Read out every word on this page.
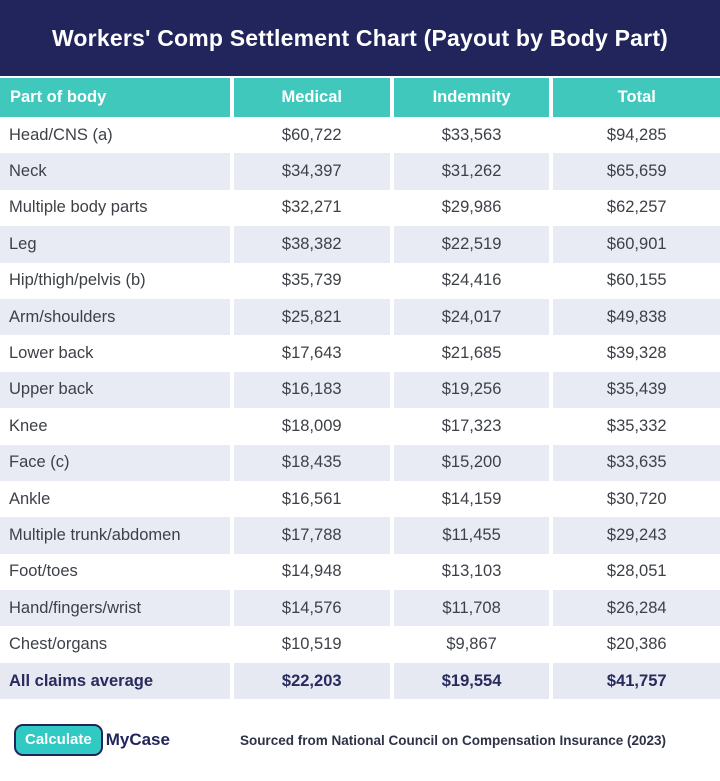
Workers' Comp Settlement Chart (Payout by Body Part)
Part of body	Medical	Indemnity	Total
Head/CNS (a)	$60,722	$33,563	$94,285
Neck	$34,397	$31,262	$65,659
Multiple body parts	$32,271	$29,986	$62,257
Leg	$38,382	$22,519	$60,901
Hip/thigh/pelvis (b)	$35,739	$24,416	$60,155
Arm/shoulders	$25,821	$24,017	$49,838
Lower back	$17,643	$21,685	$39,328
Upper back	$16,183	$19,256	$35,439
Knee	$18,009	$17,323	$35,332
Face (c)	$18,435	$15,200	$33,635
Ankle	$16,561	$14,159	$30,720
Multiple trunk/abdomen	$17,788	$11,455	$29,243
Foot/toes	$14,948	$13,103	$28,051
Hand/fingers/wrist	$14,576	$11,708	$26,284
Chest/organs	$10,519	$9,867	$20,386
All claims average	$22,203	$19,554	$41,757
Calculate MyCase	Sourced from National Council on Compensation Insurance (2023)
